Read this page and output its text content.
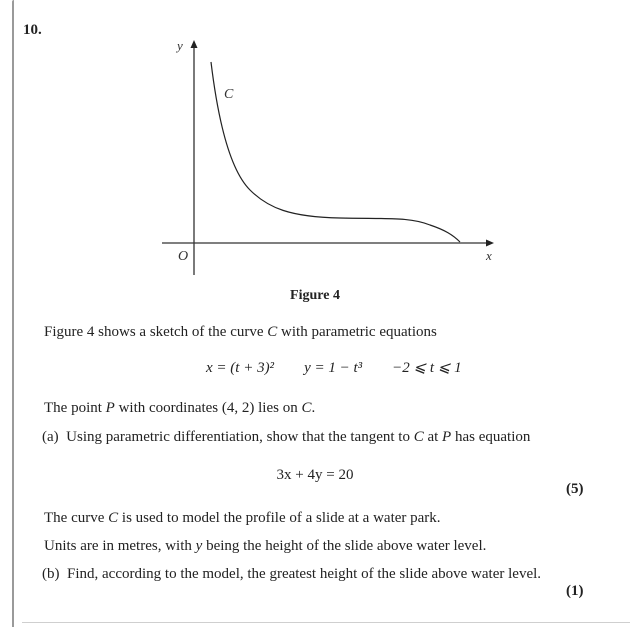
10.
y
C
O	x
Figure 4
Figure 4 shows a sketch of the curve C with parametric equations
x = (t + 3)² y = 1 − t³ −2 ⩽ t ⩽ 1
The point P with coordinates (4, 2) lies on C.
(a) Using parametric differentiation, show that the tangent to C at P has equation
3x + 4y = 20
(5)
The curve C is used to model the profile of a slide at a water park.
Units are in metres, with y being the height of the slide above water level.
(b) Find, according to the model, the greatest height of the slide above water level.
(1)
